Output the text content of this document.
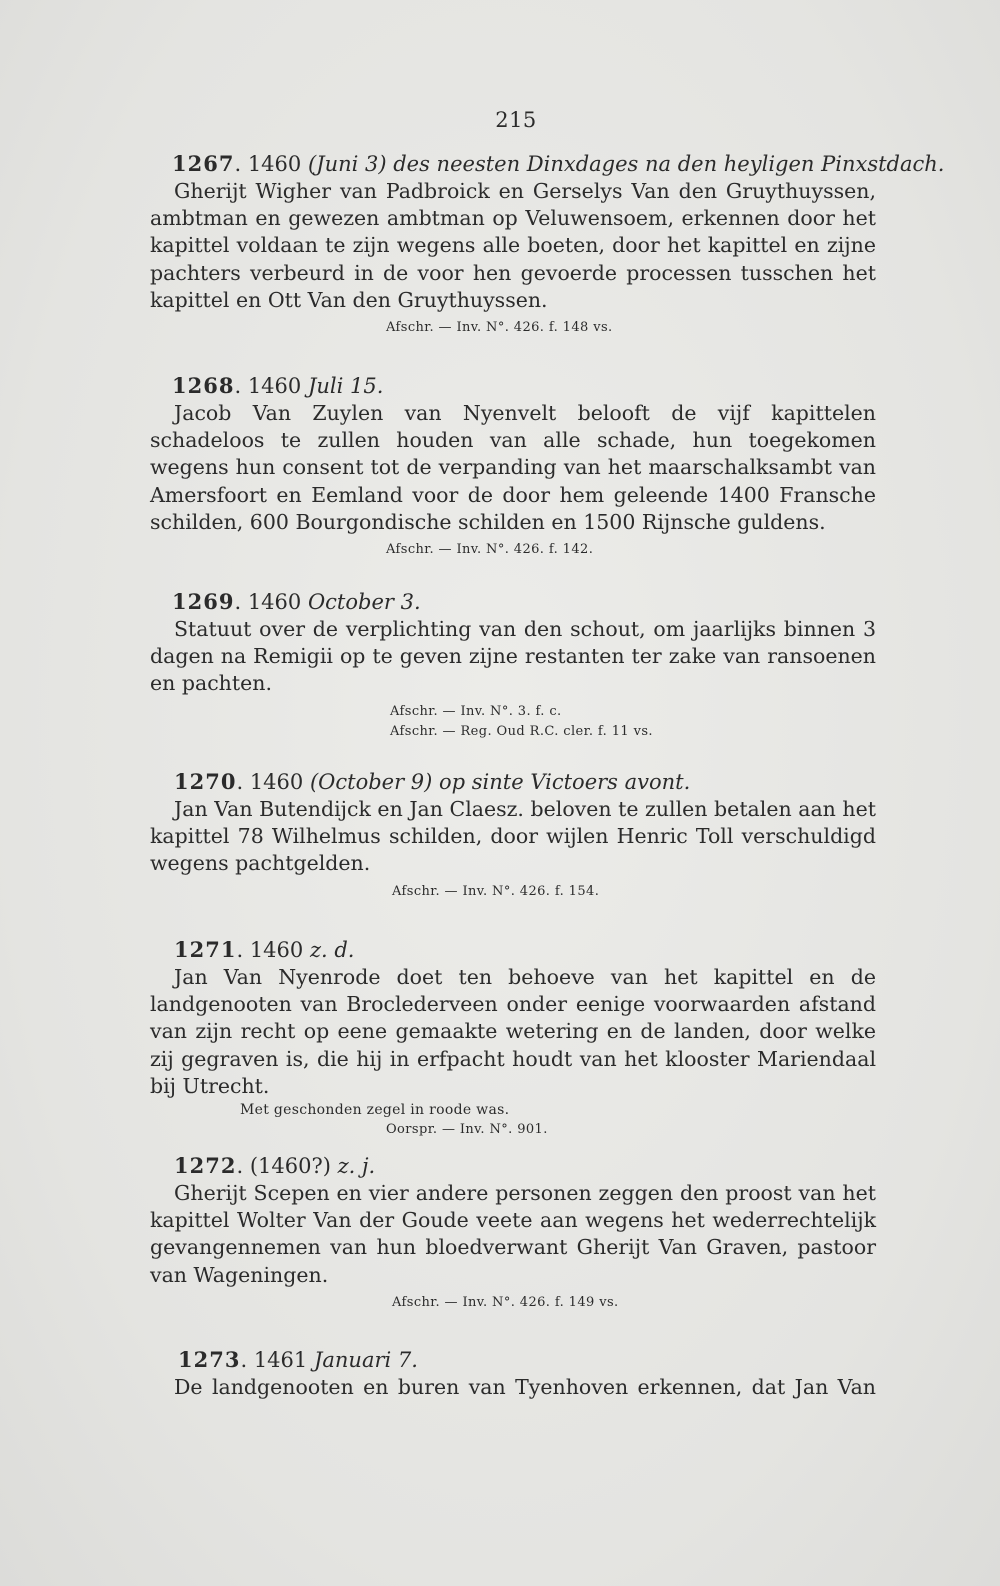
215
1267. 1460 (Juni 3) des neesten Dinxdages na den heyligen Pinxstdach.
Gherijt Wigher van Padbroick en Gerselys Van den Gruythuyssen, ambtman en gewezen ambtman op Veluwensoem, erkennen door het kapittel voldaan te zijn wegens alle boeten, door het kapittel en zijne pachters verbeurd in de voor hen gevoerde processen tusschen het kapittel en Ott Van den Gruythuyssen.
Afschr. — Inv. N°. 426. f. 148 vs.
1268. 1460 Juli 15.
Jacob Van Zuylen van Nyenvelt belooft de vijf kapittelen schadeloos te zullen houden van alle schade, hun toegekomen wegens hun consent tot de verpanding van het maarschalksambt van Amersfoort en Eemland voor de door hem geleende 1400 Fransche schilden, 600 Bourgondische schilden en 1500 Rijnsche guldens.
Afschr. — Inv. N°. 426. f. 142.
1269. 1460 October 3.
Statuut over de verplichting van den schout, om jaarlijks binnen 3 dagen na Remigii op te geven zijne restanten ter zake van ransoenen en pachten.
Afschr. — Inv. N°. 3. f. c.
Afschr. — Reg. Oud R.C. cler. f. 11 vs.
1270. 1460 (October 9) op sinte Victoers avont.
Jan Van Butendijck en Jan Claesz. beloven te zullen betalen aan het kapittel 78 Wilhelmus schilden, door wijlen Henric Toll verschuldigd wegens pachtgelden.
Afschr. — Inv. N°. 426. f. 154.
1271. 1460 z. d.
Jan Van Nyenrode doet ten behoeve van het kapittel en de landgenooten van Broclederveen onder eenige voorwaarden afstand van zijn recht op eene gemaakte wetering en de landen, door welke zij gegraven is, die hij in erfpacht houdt van het klooster Mariendaal bij Utrecht.
Met geschonden zegel in roode was.
Oorspr. — Inv. N°. 901.
1272. (1460?) z. j.
Gherijt Scepen en vier andere personen zeggen den proost van het kapittel Wolter Van der Goude veete aan wegens het wederrechtelijk gevangennemen van hun bloedverwant Gherijt Van Graven, pastoor van Wageningen.
Afschr. — Inv. N°. 426. f. 149 vs.
1273. 1461 Januari 7.
De landgenooten en buren van Tyenhoven erkennen, dat Jan Van
